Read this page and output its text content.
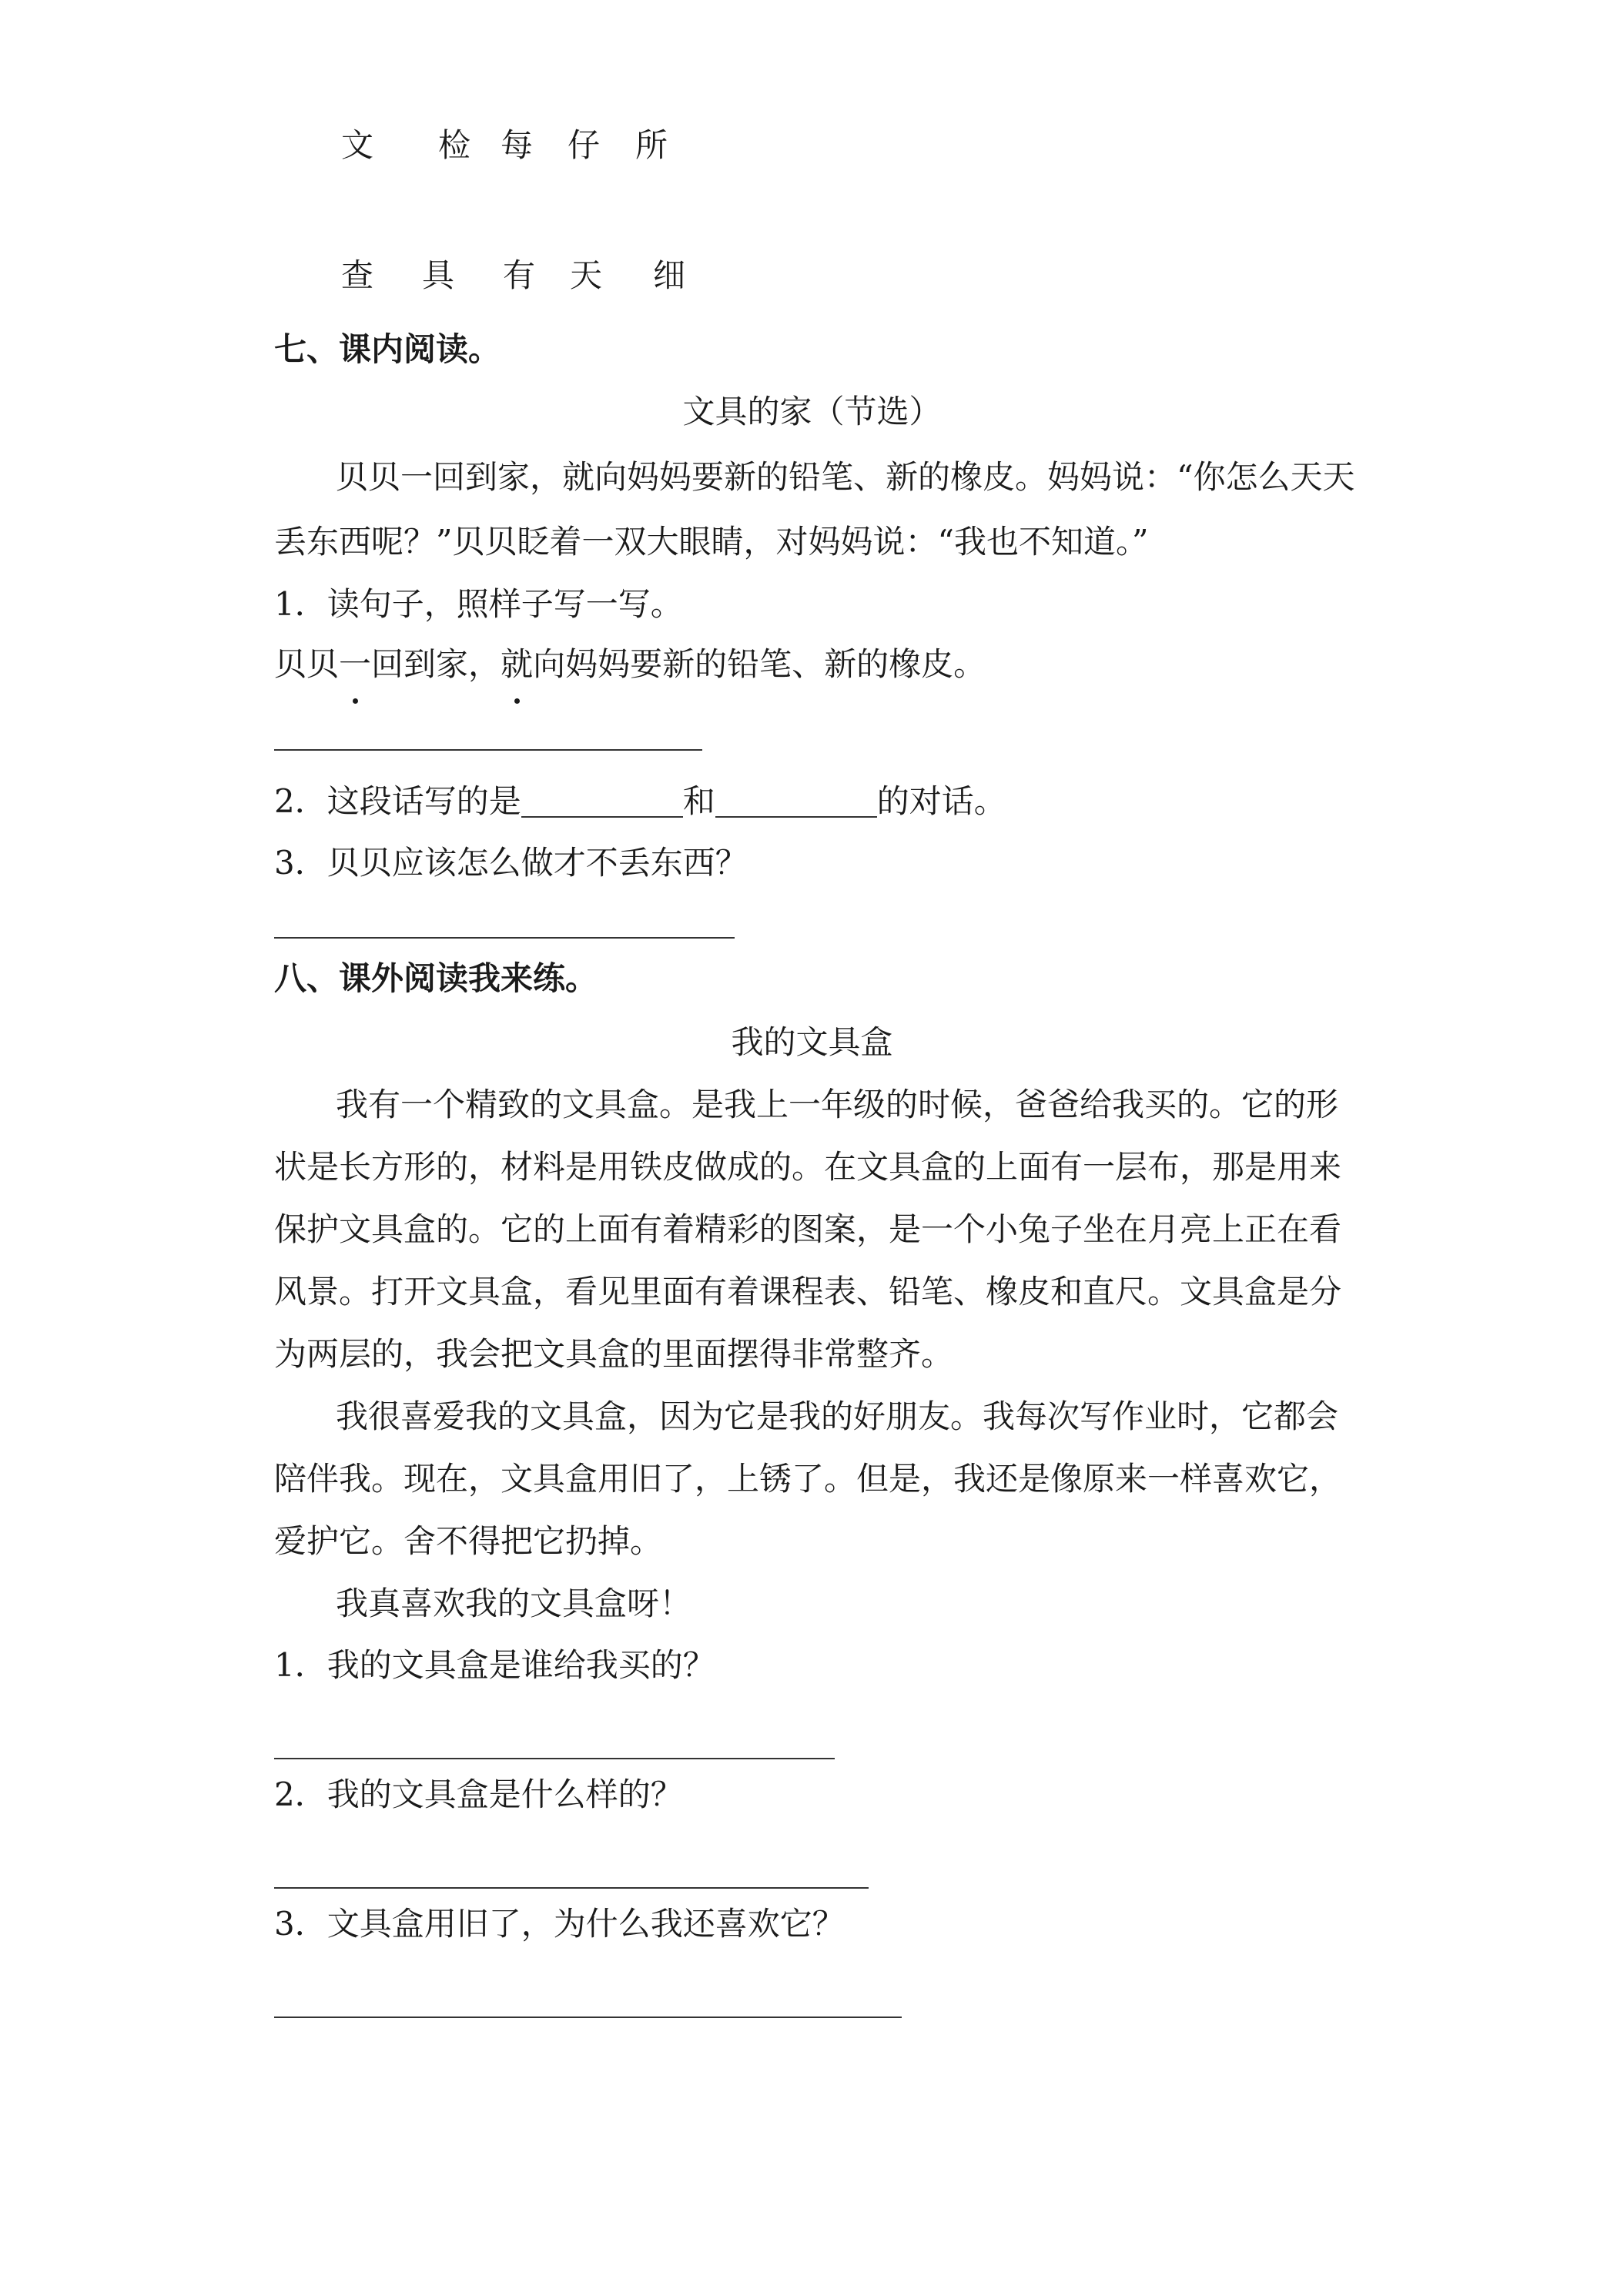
文 检 每 仔 所
查 具 有 天 细
七、课内阅读。
文具的家（节选）
贝贝一回到家，就向妈妈要新的铅笔、新的橡皮。妈妈说：“你怎么天天
丢东西呢？”贝贝眨着一双大眼睛，对妈妈说：“我也不知道。”
1．读句子，照样子写一写。
贝贝一回到家，就向妈妈要新的铅笔、新的橡皮。
2．这段话写的是	和	的对话。
3．贝贝应该怎么做才不丢东西？
八、课外阅读我来练。
我的文具盒
我有一个精致的文具盒。是我上一年级的时候，爸爸给我买的。它的形
状是长方形的，材料是用铁皮做成的。在文具盒的上面有一层布，那是用来
保护文具盒的。它的上面有着精彩的图案，是一个小兔子坐在月亮上正在看
风景。打开文具盒，看见里面有着课程表、铅笔、橡皮和直尺。文具盒是分
为两层的，我会把文具盒的里面摆得非常整齐。
我很喜爱我的文具盒，因为它是我的好朋友。我每次写作业时，它都会
陪伴我。现在，文具盒用旧了，上锈了。但是，我还是像原来一样喜欢它，
爱护它。舍不得把它扔掉。
我真喜欢我的文具盒呀！
1．我的文具盒是谁给我买的？
2．我的文具盒是什么样的？
3．文具盒用旧了，为什么我还喜欢它？
